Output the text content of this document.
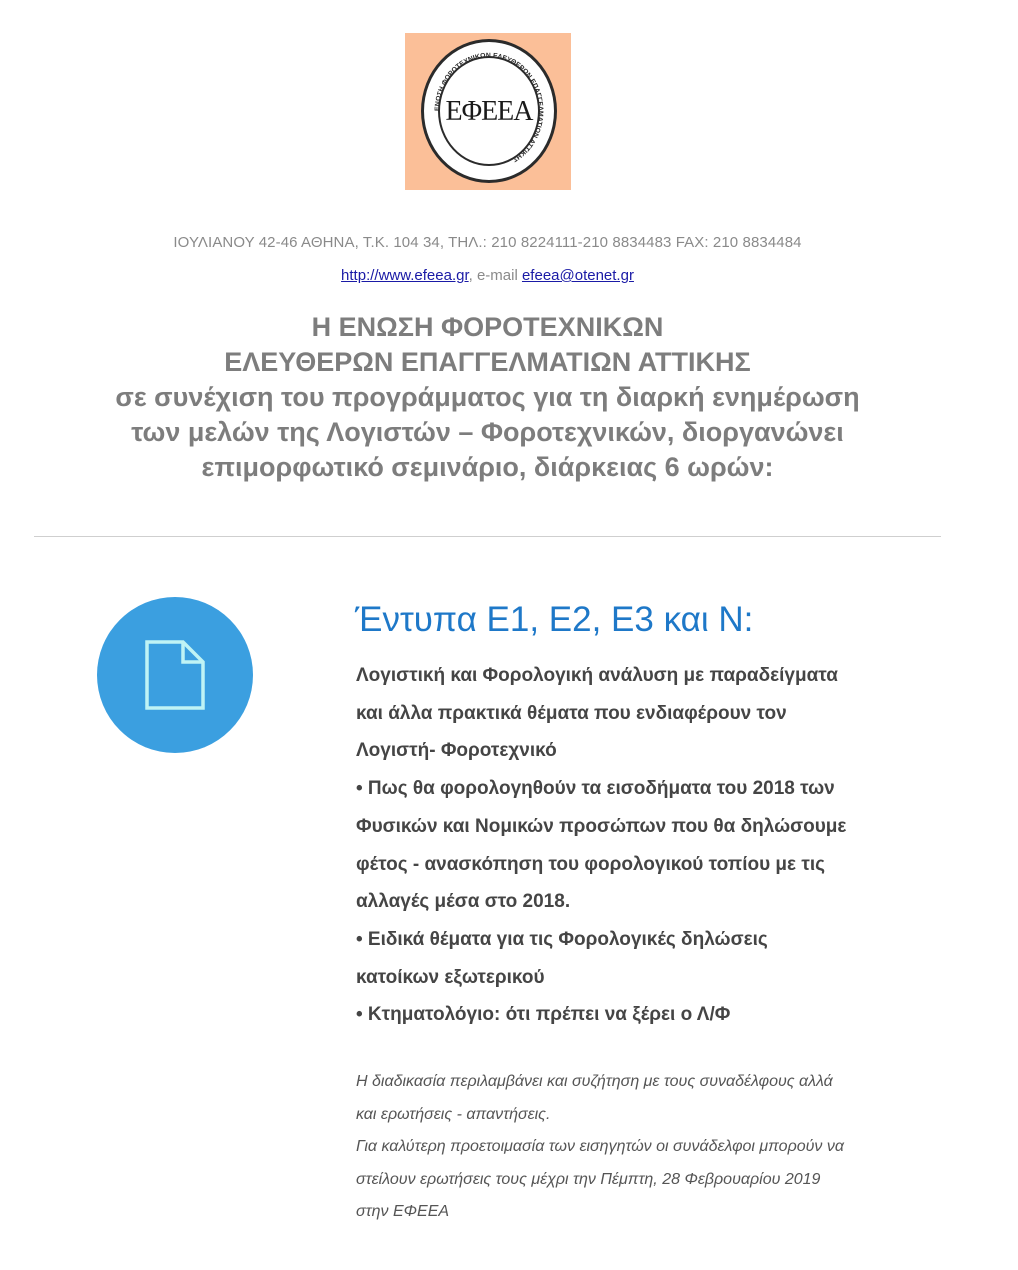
ΕΝΩΣΗ ΦΟΡΟΤΕΧΝΙΚΩΝ ΕΛΕΥΘΕΡΩΝ ΕΠΑΓΓΕΛΜΑΤΙΩΝ ΑΤΤΙΚΗΣ
ΕΦΕΕΑ
ΙΟΥΛΙΑΝΟΥ 42-46 ΑΘΗΝΑ, Τ.Κ. 104 34, ΤΗΛ.: 210 8224111-210 8834483 FAX: 210 8834484
http://www.efeea.gr, e-mail efeea@otenet.gr
Η ΕΝΩΣΗ ΦΟΡΟΤΕΧΝΙΚΩΝ
ΕΛΕΥΘΕΡΩΝ ΕΠΑΓΓΕΛΜΑΤΙΩΝ ΑΤΤΙΚΗΣ
σε συνέχιση του προγράμματος για τη διαρκή ενημέρωση
των μελών της Λογιστών – Φοροτεχνικών, διοργανώνει
επιμορφωτικό σεμινάριο, διάρκειας 6 ωρών:
Έντυπα Ε1, Ε2, Ε3 και Ν:
Λογιστική και Φορολογική ανάλυση με παραδείγματα
και άλλα πρακτικά θέματα που ενδιαφέρουν τον
Λογιστή- Φοροτεχνικό
• Πως θα φορολογηθούν τα εισοδήματα του 2018 των
Φυσικών και Νομικών προσώπων που θα δηλώσουμε
φέτος - ανασκόπηση του φορολογικού τοπίου με τις
αλλαγές μέσα στο 2018.
• Ειδικά θέματα για τις Φορολογικές δηλώσεις
κατοίκων εξωτερικού
• Κτηματολόγιο: ότι πρέπει να ξέρει ο Λ/Φ
Η διαδικασία περιλαμβάνει και συζήτηση με τους συναδέλφους αλλά
και ερωτήσεις - απαντήσεις.
Για καλύτερη προετοιμασία των εισηγητών οι συνάδελφοι μπορούν να
στείλουν ερωτήσεις τους μέχρι την Πέμπτη, 28 Φεβρουαρίου 2019
στην ΕΦΕΕΑ
